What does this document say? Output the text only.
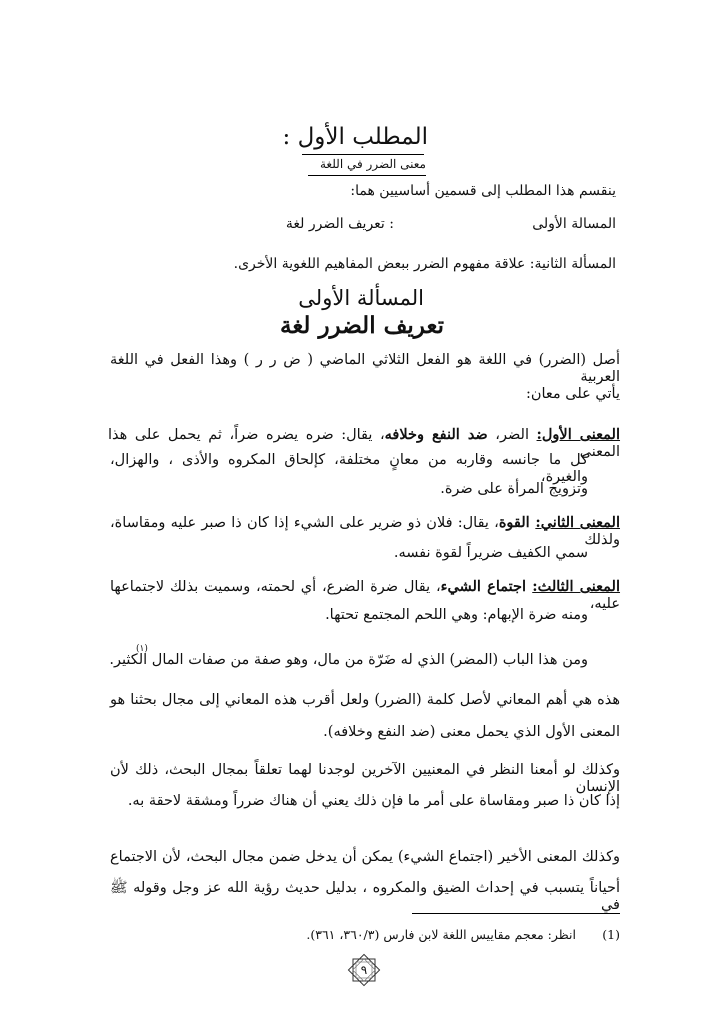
المطلب الأول :
معنى الضرر في اللغة
ينقسم هذا المطلب إلى قسمين أساسيين هما:
المسالة الأولى
: تعريف الضرر لغة
المسألة الثانية: علاقة مفهوم الضرر ببعض المفاهيم اللغوية الأخرى.
المسألة الأولى
تعريف الضرر لغة
أصل (الضرر) في اللغة هو الفعل الثلاثي الماضي ( ض ر ر ) وهذا الفعل في اللغة العربية
يأتي على معان:
المعنى الأول: الضر، ضد النفع وخلافه، يقال: ضره يضره ضراً، ثم يحمل على هذا المعنى
كل ما جانسه وقاربه من معانٍ مختلفة، كإلحاق المكروه والأذى ، والهزال، والغيرة،
وتزويج المرأة على ضرة.
المعنى الثاني: القوة، يقال: فلان ذو ضرير على الشيء إذا كان ذا صبر عليه ومقاساة، ولذلك
سمي الكفيف ضريراً لقوة نفسه.
المعنى الثالث: اجتماع الشيء، يقال ضرة الضرع، أي لحمته، وسميت بذلك لاجتماعها عليه،
ومنه ضرة الإبهام: وهي اللحم المجتمع تحتها.
ومن هذا الباب (المضر) الذي له ضَرّة من مال، وهو صفة من صفات المال الكثير.
(١)
هذه هي أهم المعاني لأصل كلمة (الضرر) ولعل أقرب هذه المعاني إلى مجال بحثنا هو
المعنى الأول الذي يحمل معنى (ضد النفع وخلافه).
وكذلك لو أمعنا النظر في المعنيين الآخرين لوجدنا لهما تعلقاً بمجال البحث، ذلك لأن الإنسان
إذا كان ذا صبر ومقاساة على أمر ما فإن ذلك يعني أن هناك ضرراً ومشقة لاحقة به.
وكذلك المعنى الأخير (اجتماع الشيء) يمكن أن يدخل ضمن مجال البحث، لأن الاجتماع
أحياناً يتسبب في إحداث الضيق والمكروه ، بدليل حديث رؤية الله عز وجل وقوله ﷺ في
(1)
انظر: معجم مقاييس اللغة لابن فارس (٣٦٠/٣، ٣٦١).
٩
